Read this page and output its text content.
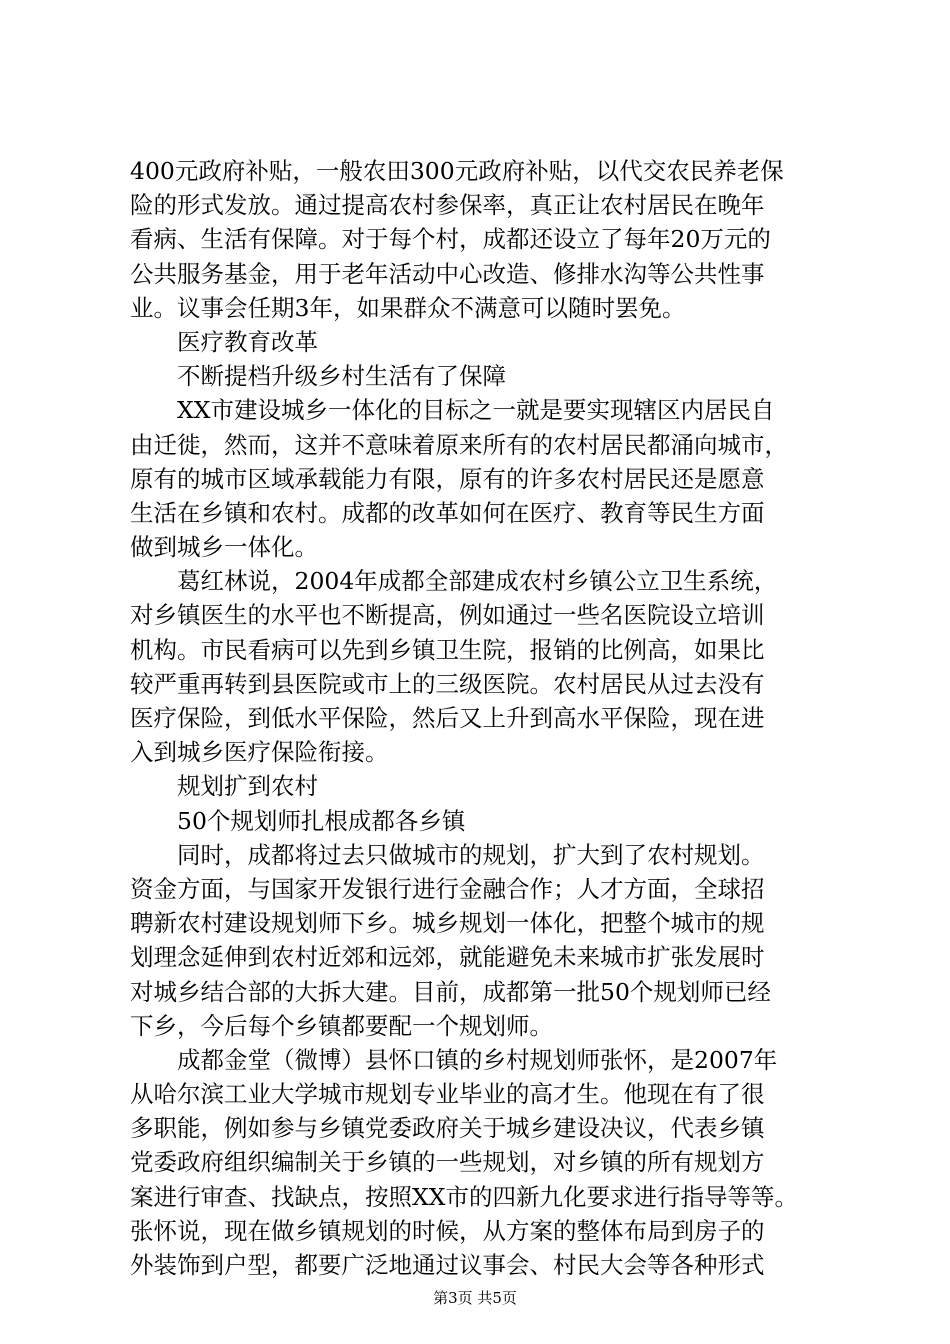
400元政府补贴，一般农田300元政府补贴，以代交农民养老保
险的形式发放。通过提高农村参保率，真正让农村居民在晚年
看病、生活有保障。对于每个村，成都还设立了每年20万元的
公共服务基金，用于老年活动中心改造、修排水沟等公共性事
业。议事会任期3年，如果群众不满意可以随时罢免。
医疗教育改革
不断提档升级乡村生活有了保障
XX市建设城乡一体化的目标之一就是要实现辖区内居民自
由迁徙，然而，这并不意味着原来所有的农村居民都涌向城市，
原有的城市区域承载能力有限，原有的许多农村居民还是愿意
生活在乡镇和农村。成都的改革如何在医疗、教育等民生方面
做到城乡一体化。
葛红林说，2004年成都全部建成农村乡镇公立卫生系统，
对乡镇医生的水平也不断提高，例如通过一些名医院设立培训
机构。市民看病可以先到乡镇卫生院，报销的比例高，如果比
较严重再转到县医院或市上的三级医院。农村居民从过去没有
医疗保险，到低水平保险，然后又上升到高水平保险，现在进
入到城乡医疗保险衔接。
规划扩到农村
50个规划师扎根成都各乡镇
同时，成都将过去只做城市的规划，扩大到了农村规划。
资金方面，与国家开发银行进行金融合作；人才方面，全球招
聘新农村建设规划师下乡。城乡规划一体化，把整个城市的规
划理念延伸到农村近郊和远郊，就能避免未来城市扩张发展时
对城乡结合部的大拆大建。目前，成都第一批50个规划师已经
下乡，今后每个乡镇都要配一个规划师。
成都金堂（微博）县怀口镇的乡村规划师张怀，是2007年
从哈尔滨工业大学城市规划专业毕业的高才生。他现在有了很
多职能，例如参与乡镇党委政府关于城乡建设决议，代表乡镇
党委政府组织编制关于乡镇的一些规划，对乡镇的所有规划方
案进行审查、找缺点，按照XX市的四新九化要求进行指导等等。
张怀说，现在做乡镇规划的时候，从方案的整体布局到房子的
外装饰到户型，都要广泛地通过议事会、村民大会等各种形式
第3页 共5页
